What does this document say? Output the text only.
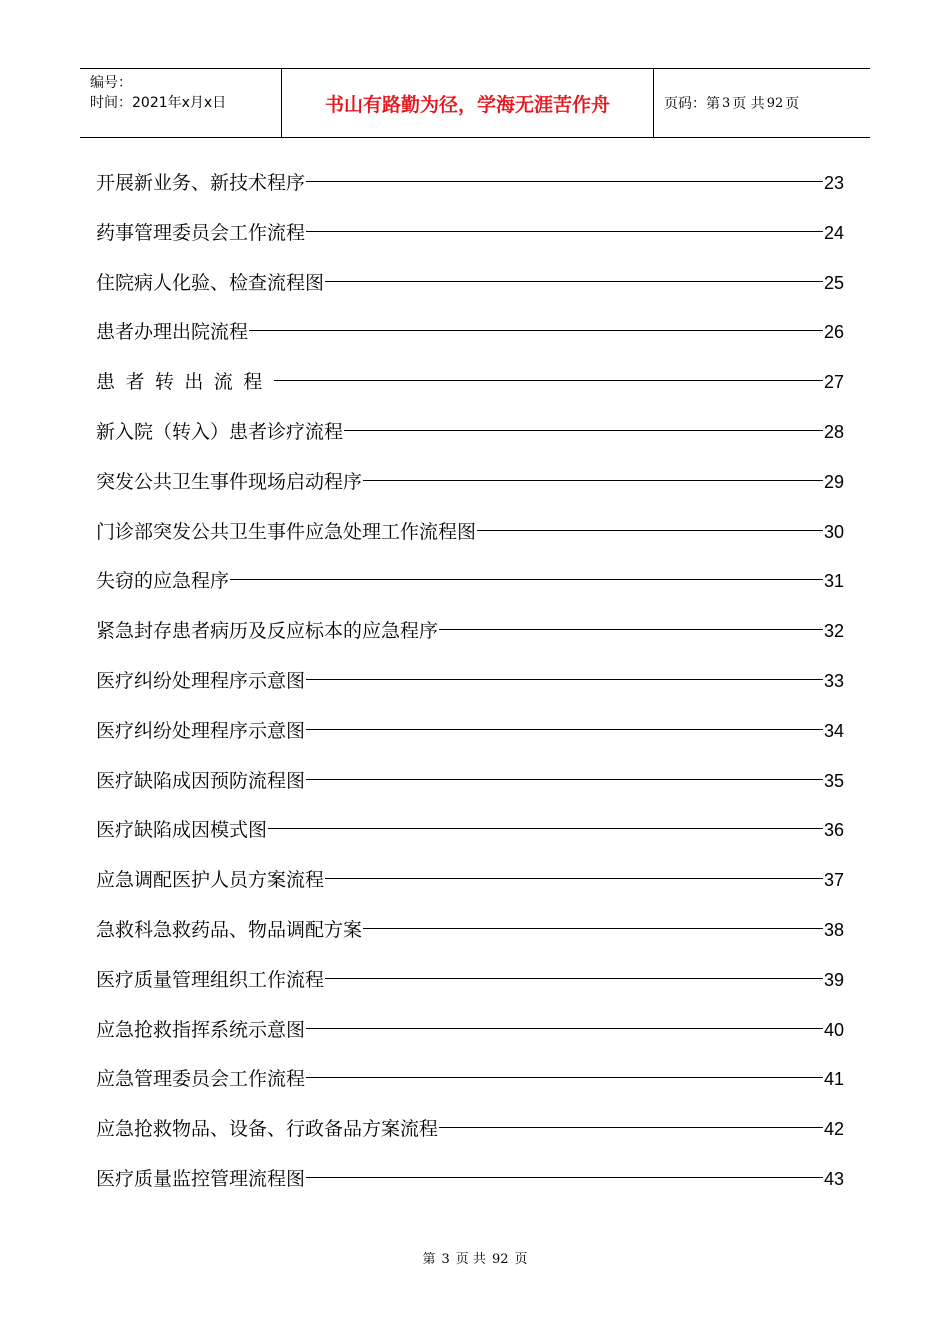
编号：
时间：2021年x月x日	书山有路勤为径，学海无涯苦作舟	页码：第 3 页 共 92 页
开展新业务、新技术程序	23
药事管理委员会工作流程	24
住院病人化验、检查流程图	25
患者办理出院流程	26
患者转出流程	27
新入院（转入）患者诊疗流程	28
突发公共卫生事件现场启动程序	29
门诊部突发公共卫生事件应急处理工作流程图	30
失窃的应急程序	31
紧急封存患者病历及反应标本的应急程序	32
医疗纠纷处理程序示意图	33
医疗纠纷处理程序示意图	34
医疗缺陷成因预防流程图	35
医疗缺陷成因模式图	36
应急调配医护人员方案流程	37
急救科急救药品、物品调配方案	38
医疗质量管理组织工作流程	39
应急抢救指挥系统示意图	40
应急管理委员会工作流程	41
应急抢救物品、设备、行政备品方案流程	42
医疗质量监控管理流程图	43
第 3 页 共 92 页
